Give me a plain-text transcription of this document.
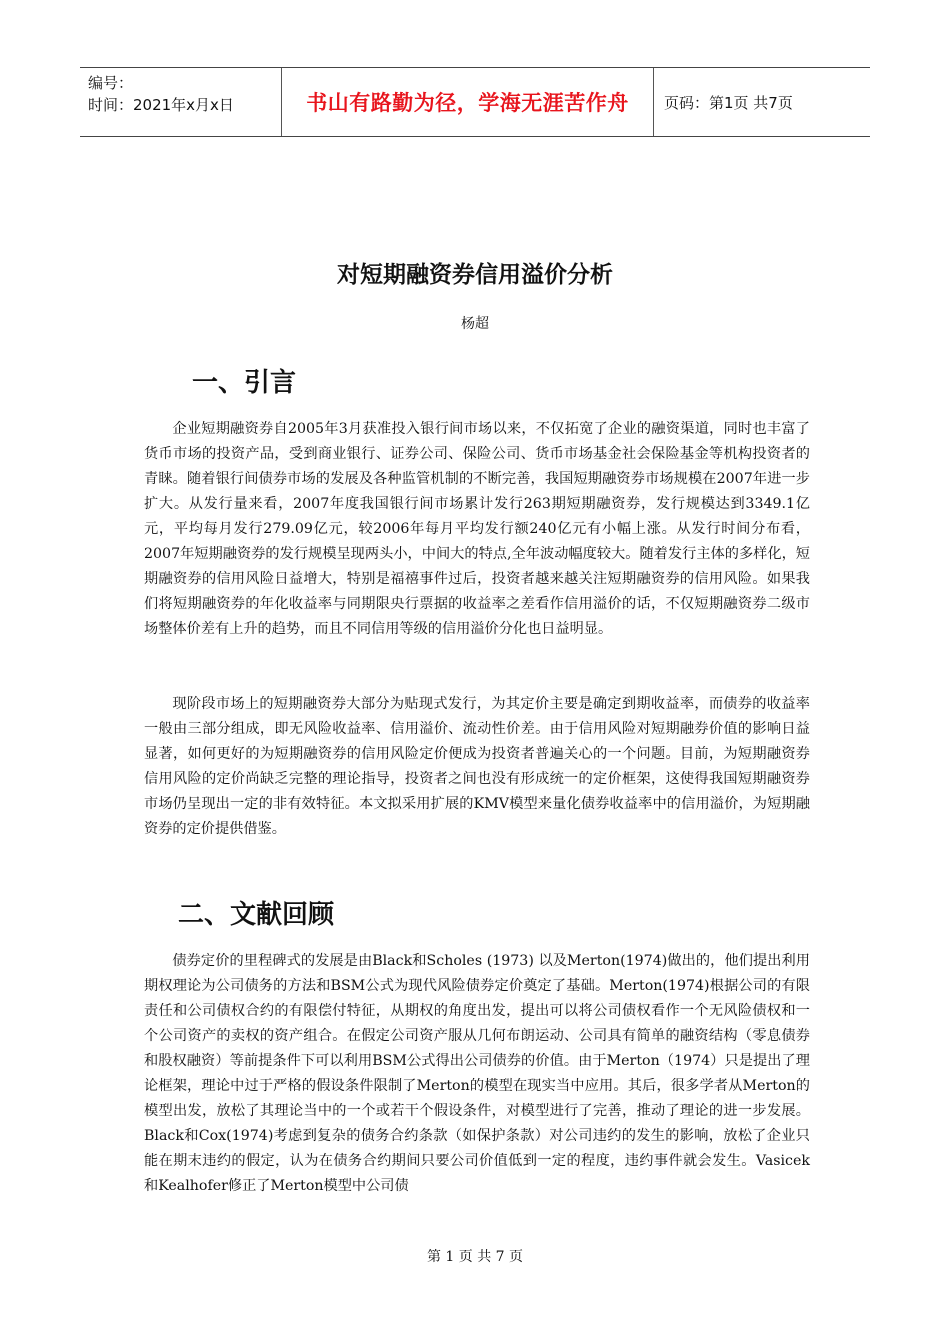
编号：
时间：2021年x月x日	书山有路勤为径，学海无涯苦作舟 页码：第1页 共7页
对短期融资券信用溢价分析
杨超
一、引言

企业短期融资券自2005年3月获准投入银行间市场以来，不仅拓宽了企业的融资渠道，同时也丰富了货币市场的投资产品，受到商业银行、证券公司、保险公司、货币市场基金社会保险基金等机构投资者的青睐。随着银行间债券市场的发展及各种监管机制的不断完善，我国短期融资券市场规模在2007年进一步扩大。从发行量来看，2007年度我国银行间市场累计发行263期短期融资券，发行规模达到3349.1亿元，平均每月发行279.09亿元，较2006年每月平均发行额240亿元有小幅上涨。从发行时间分布看，2007年短期融资券的发行规模呈现两头小，中间大的特点,全年波动幅度较大。随着发行主体的多样化，短期融资券的信用风险日益增大，特别是福禧事件过后，投资者越来越关注短期融资券的信用风险。如果我们将短期融资券的年化收益率与同期限央行票据的收益率之差看作信用溢价的话，不仅短期融资券二级市场整体价差有上升的趋势，而且不同信用等级的信用溢价分化也日益明显。

现阶段市场上的短期融资券大部分为贴现式发行，为其定价主要是确定到期收益率，而债券的收益率一般由三部分组成，即无风险收益率、信用溢价、流动性价差。由于信用风险对短期融券价值的影响日益显著，如何更好的为短期融资券的信用风险定价便成为投资者普遍关心的一个问题。目前，为短期融资券信用风险的定价尚缺乏完整的理论指导，投资者之间也没有形成统一的定价框架，这使得我国短期融资券市场仍呈现出一定的非有效特征。本文拟采用扩展的KMV模型来量化债券收益率中的信用溢价，为短期融资券的定价提供借鉴。

二、文献回顾

债券定价的里程碑式的发展是由Black和Scholes (1973) 以及Merton(1974)做出的，他们提出利用期权理论为公司债务的方法和BSM公式为现代风险债券定价奠定了基础。Merton(1974)根据公司的有限责任和公司债权合约的有限偿付特征，从期权的角度出发，提出可以将公司债权看作一个无风险债权和一个公司资产的卖权的资产组合。在假定公司资产服从几何布朗运动、公司具有简单的融资结构（零息债券和股权融资）等前提条件下可以利用BSM公式得出公司债券的价值。由于Merton（1974）只是提出了理论框架，理论中过于严格的假设条件限制了Merton的模型在现实当中应用。其后，很多学者从Merton的模型出发，放松了其理论当中的一个或若干个假设条件，对模型进行了完善，推动了理论的进一步发展。Black和Cox(1974)考虑到复杂的债务合约条款（如保护条款）对公司违约的发生的影响，放松了企业只能在期末违约的假定，认为在债务合约期间只要公司价值低到一定的程度，违约事件就会发生。Vasicek 和Kealhofer修正了Merton模型中公司债

第 1 页 共 7 页
